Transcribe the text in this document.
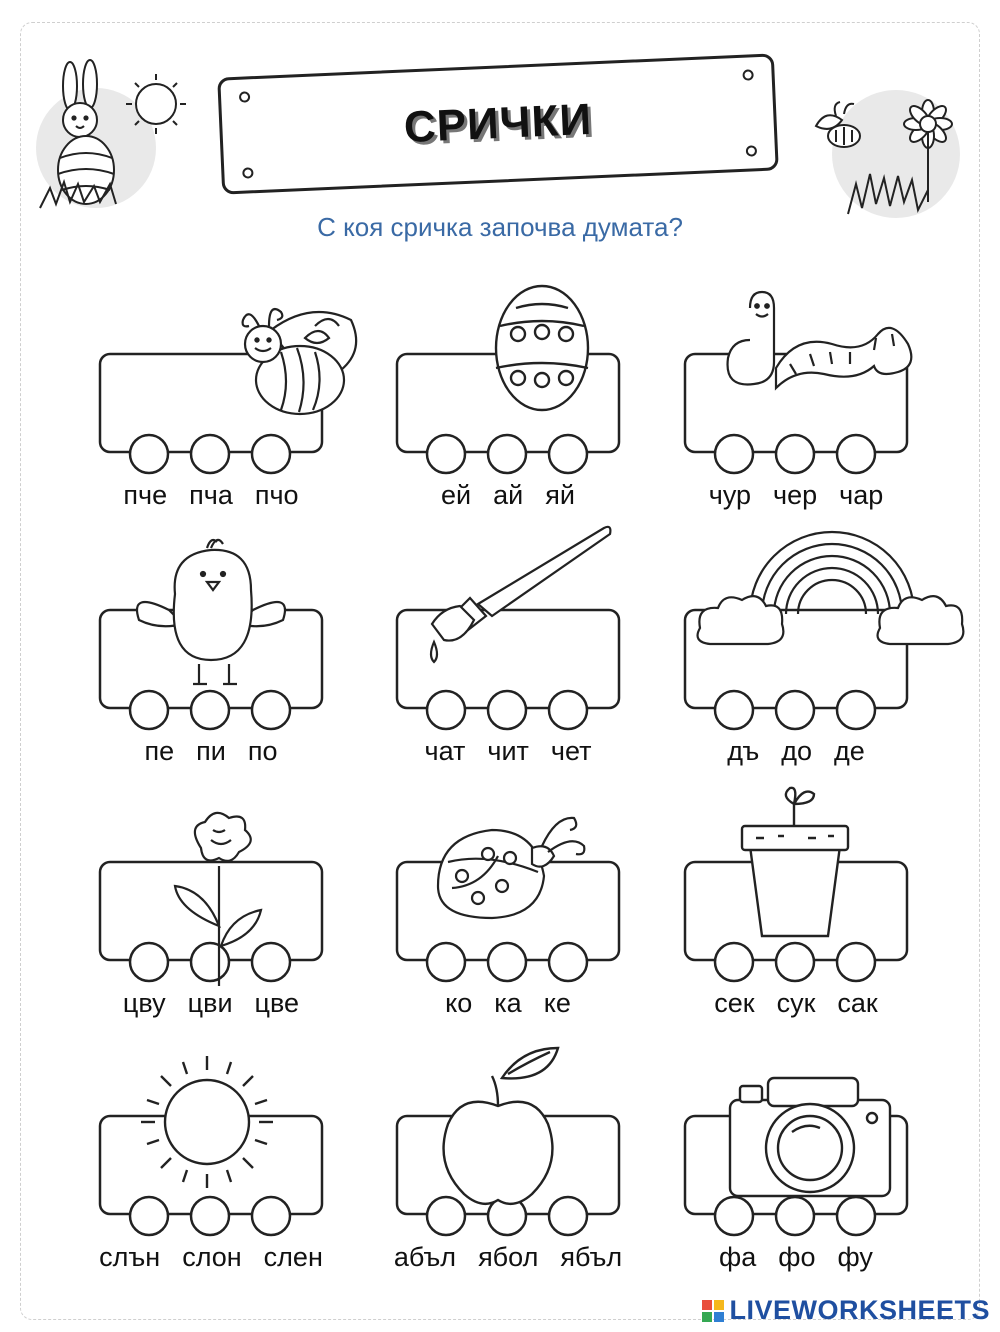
СРИЧКИ
С коя сричка започва думата?
пче пча пчо	ей ай яй	чур чер чар
пе пи по	чат чит чет	дъ до де
цву цви цве	ко ка ке	сек сук сак
слън слон слен	абъл ябол ябъл	фа фо фу
LIVEWORKSHEETS
